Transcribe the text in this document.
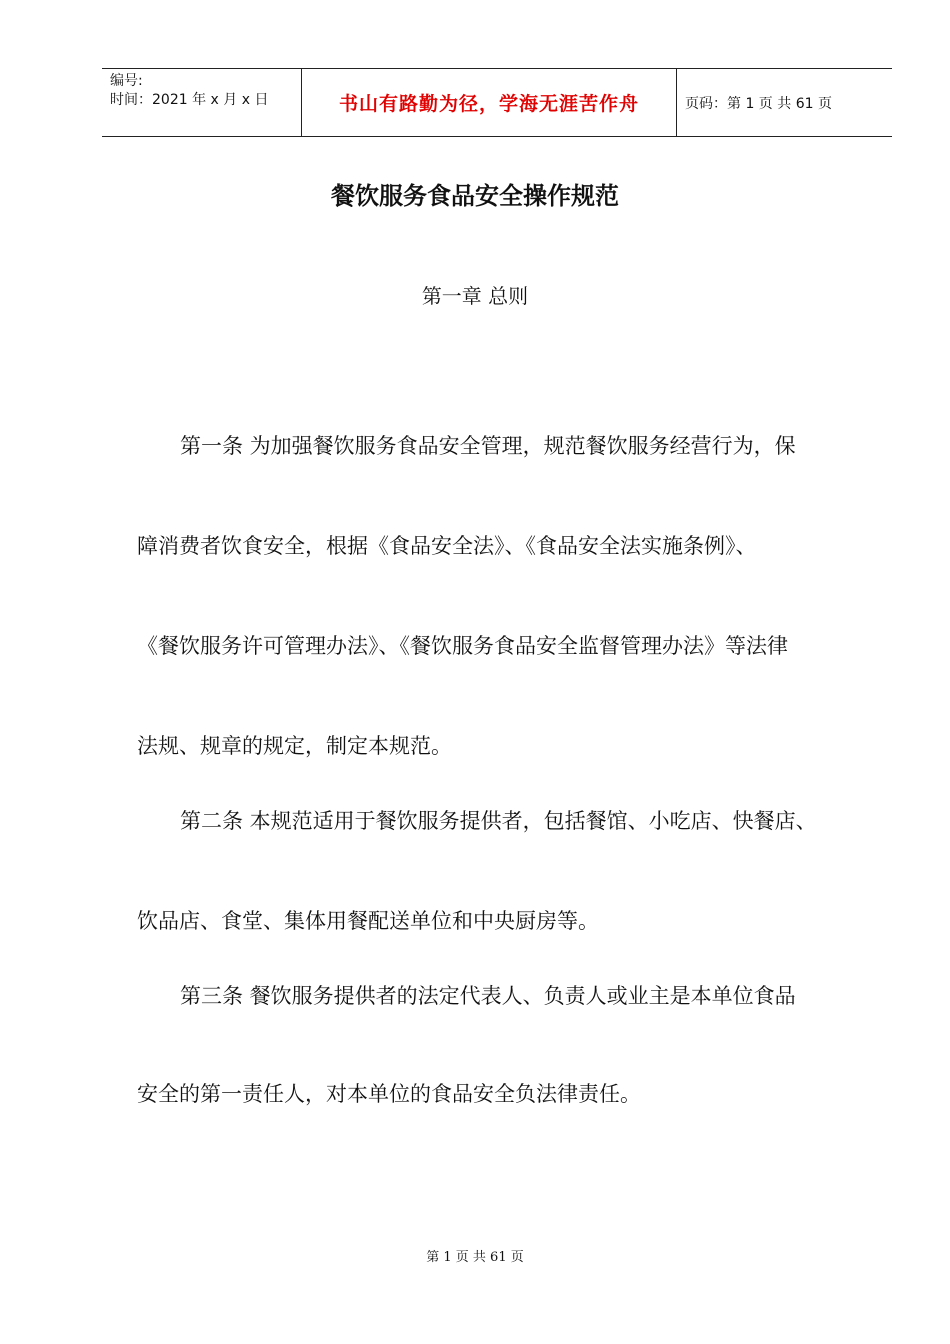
编号:
时间：2021 年 x 月 x 日	书山有路勤为径，学海无涯苦作舟	页码：第 1 页 共 61 页
餐饮服务食品安全操作规范
第一章 总则
第一条 为加强餐饮服务食品安全管理，规范餐饮服务经营行为，保
障消费者饮食安全，根据《食品安全法》、《食品安全法实施条例》、
《餐饮服务许可管理办法》、《餐饮服务食品安全监督管理办法》等法律
法规、规章的规定，制定本规范。
第二条 本规范适用于餐饮服务提供者，包括餐馆、小吃店、快餐店、
饮品店、食堂、集体用餐配送单位和中央厨房等。
第三条 餐饮服务提供者的法定代表人、负责人或业主是本单位食品
安全的第一责任人，对本单位的食品安全负法律责任。
第 1 页 共 61 页
